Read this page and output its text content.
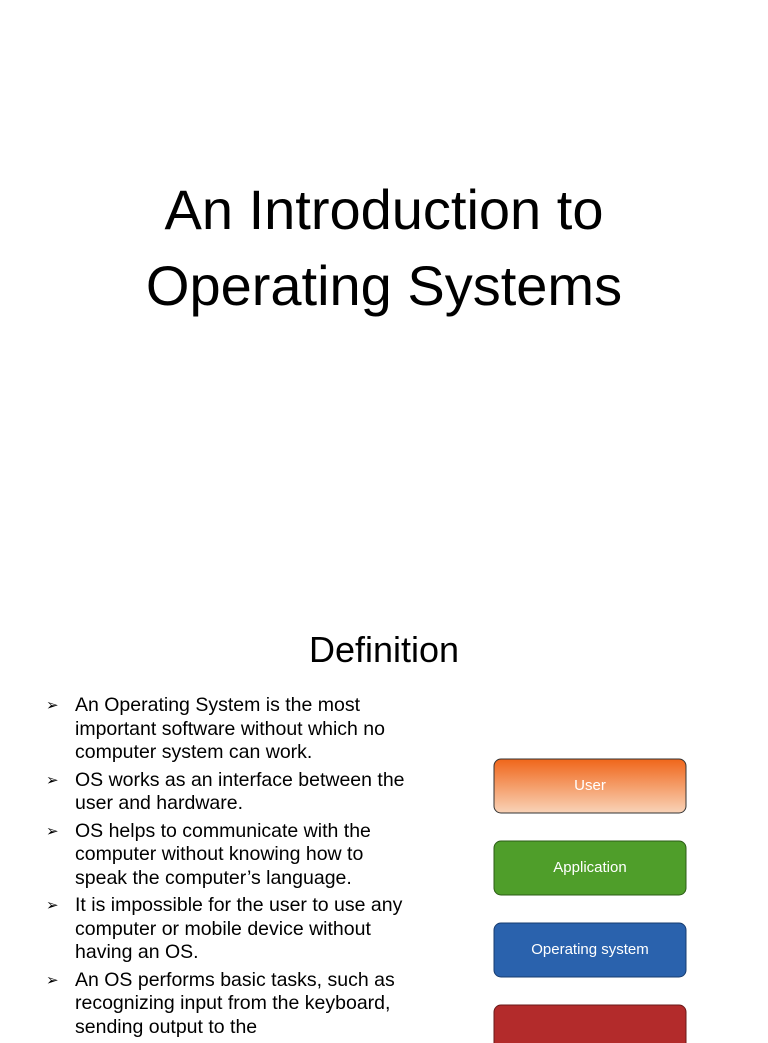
An Introduction to
Operating Systems
Definition
➢ An Operating System is the most important software without which no computer system can work.
➢ OS works as an interface between the user and hardware.
➢ OS helps to communicate with the computer without knowing how to speak the computer’s language.
➢ It is impossible for the user to use any computer or mobile device without having an OS.
➢ An OS performs basic tasks, such as recognizing input from the keyboard, sending output to the
User
Application
Operating system
